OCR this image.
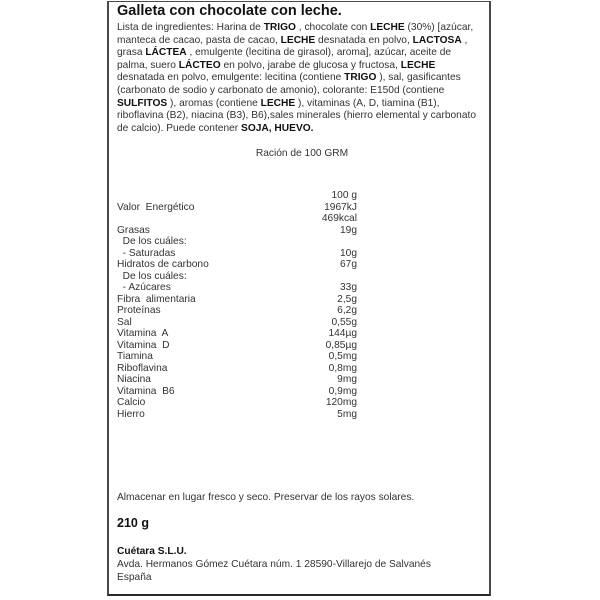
Galleta con chocolate con leche.
Lista de ingredientes: Harina de TRIGO , chocolate con LECHE (30%) [azúcar, manteca de cacao, pasta de cacao, LECHE desnatada en polvo, LACTOSA , grasa LÁCTEA , emulgente (lecitina de girasol), aroma], azúcar, aceite de palma, suero LÁCTEO en polvo, jarabe de glucosa y fructosa, LECHE desnatada en polvo, emulgente: lecitina (contiene TRIGO ), sal, gasificantes (carbonato de sodio y carbonato de amonio), colorante: E150d (contiene SULFITOS ), aromas (contiene LECHE ), vitaminas (A, D, tiamina (B1), riboflavina (B2), niacina (B3), B6),sales minerales (hierro elemental y carbonato de calcio). Puede contener SOJA, HUEVO.
Ración de 100 GRM
100 g
Valor  Energético	1967kJ
469kcal
Grasas	19g
De los cuáles:
- Saturadas	10g
Hidratos de carbono	67g
De los cuáles:
- Azúcares	33g
Fibra  alimentaria	2,5g
Proteínas	6,2g
Sal	0,55g
Vitamina  A	144µg
Vitamina  D	0,85µg
Tiamina	0,5mg
Riboflavina	0,8mg
Niacina	9mg
Vitamina  B6	0,9mg
Calcio	120mg
Hierro	5mg
Almacenar en lugar fresco y seco. Preservar de los rayos solares.
210 g
Cuétara S.L.U.
Avda. Hermanos Gómez Cuétara núm. 1 28590-Villarejo de Salvanés
España
